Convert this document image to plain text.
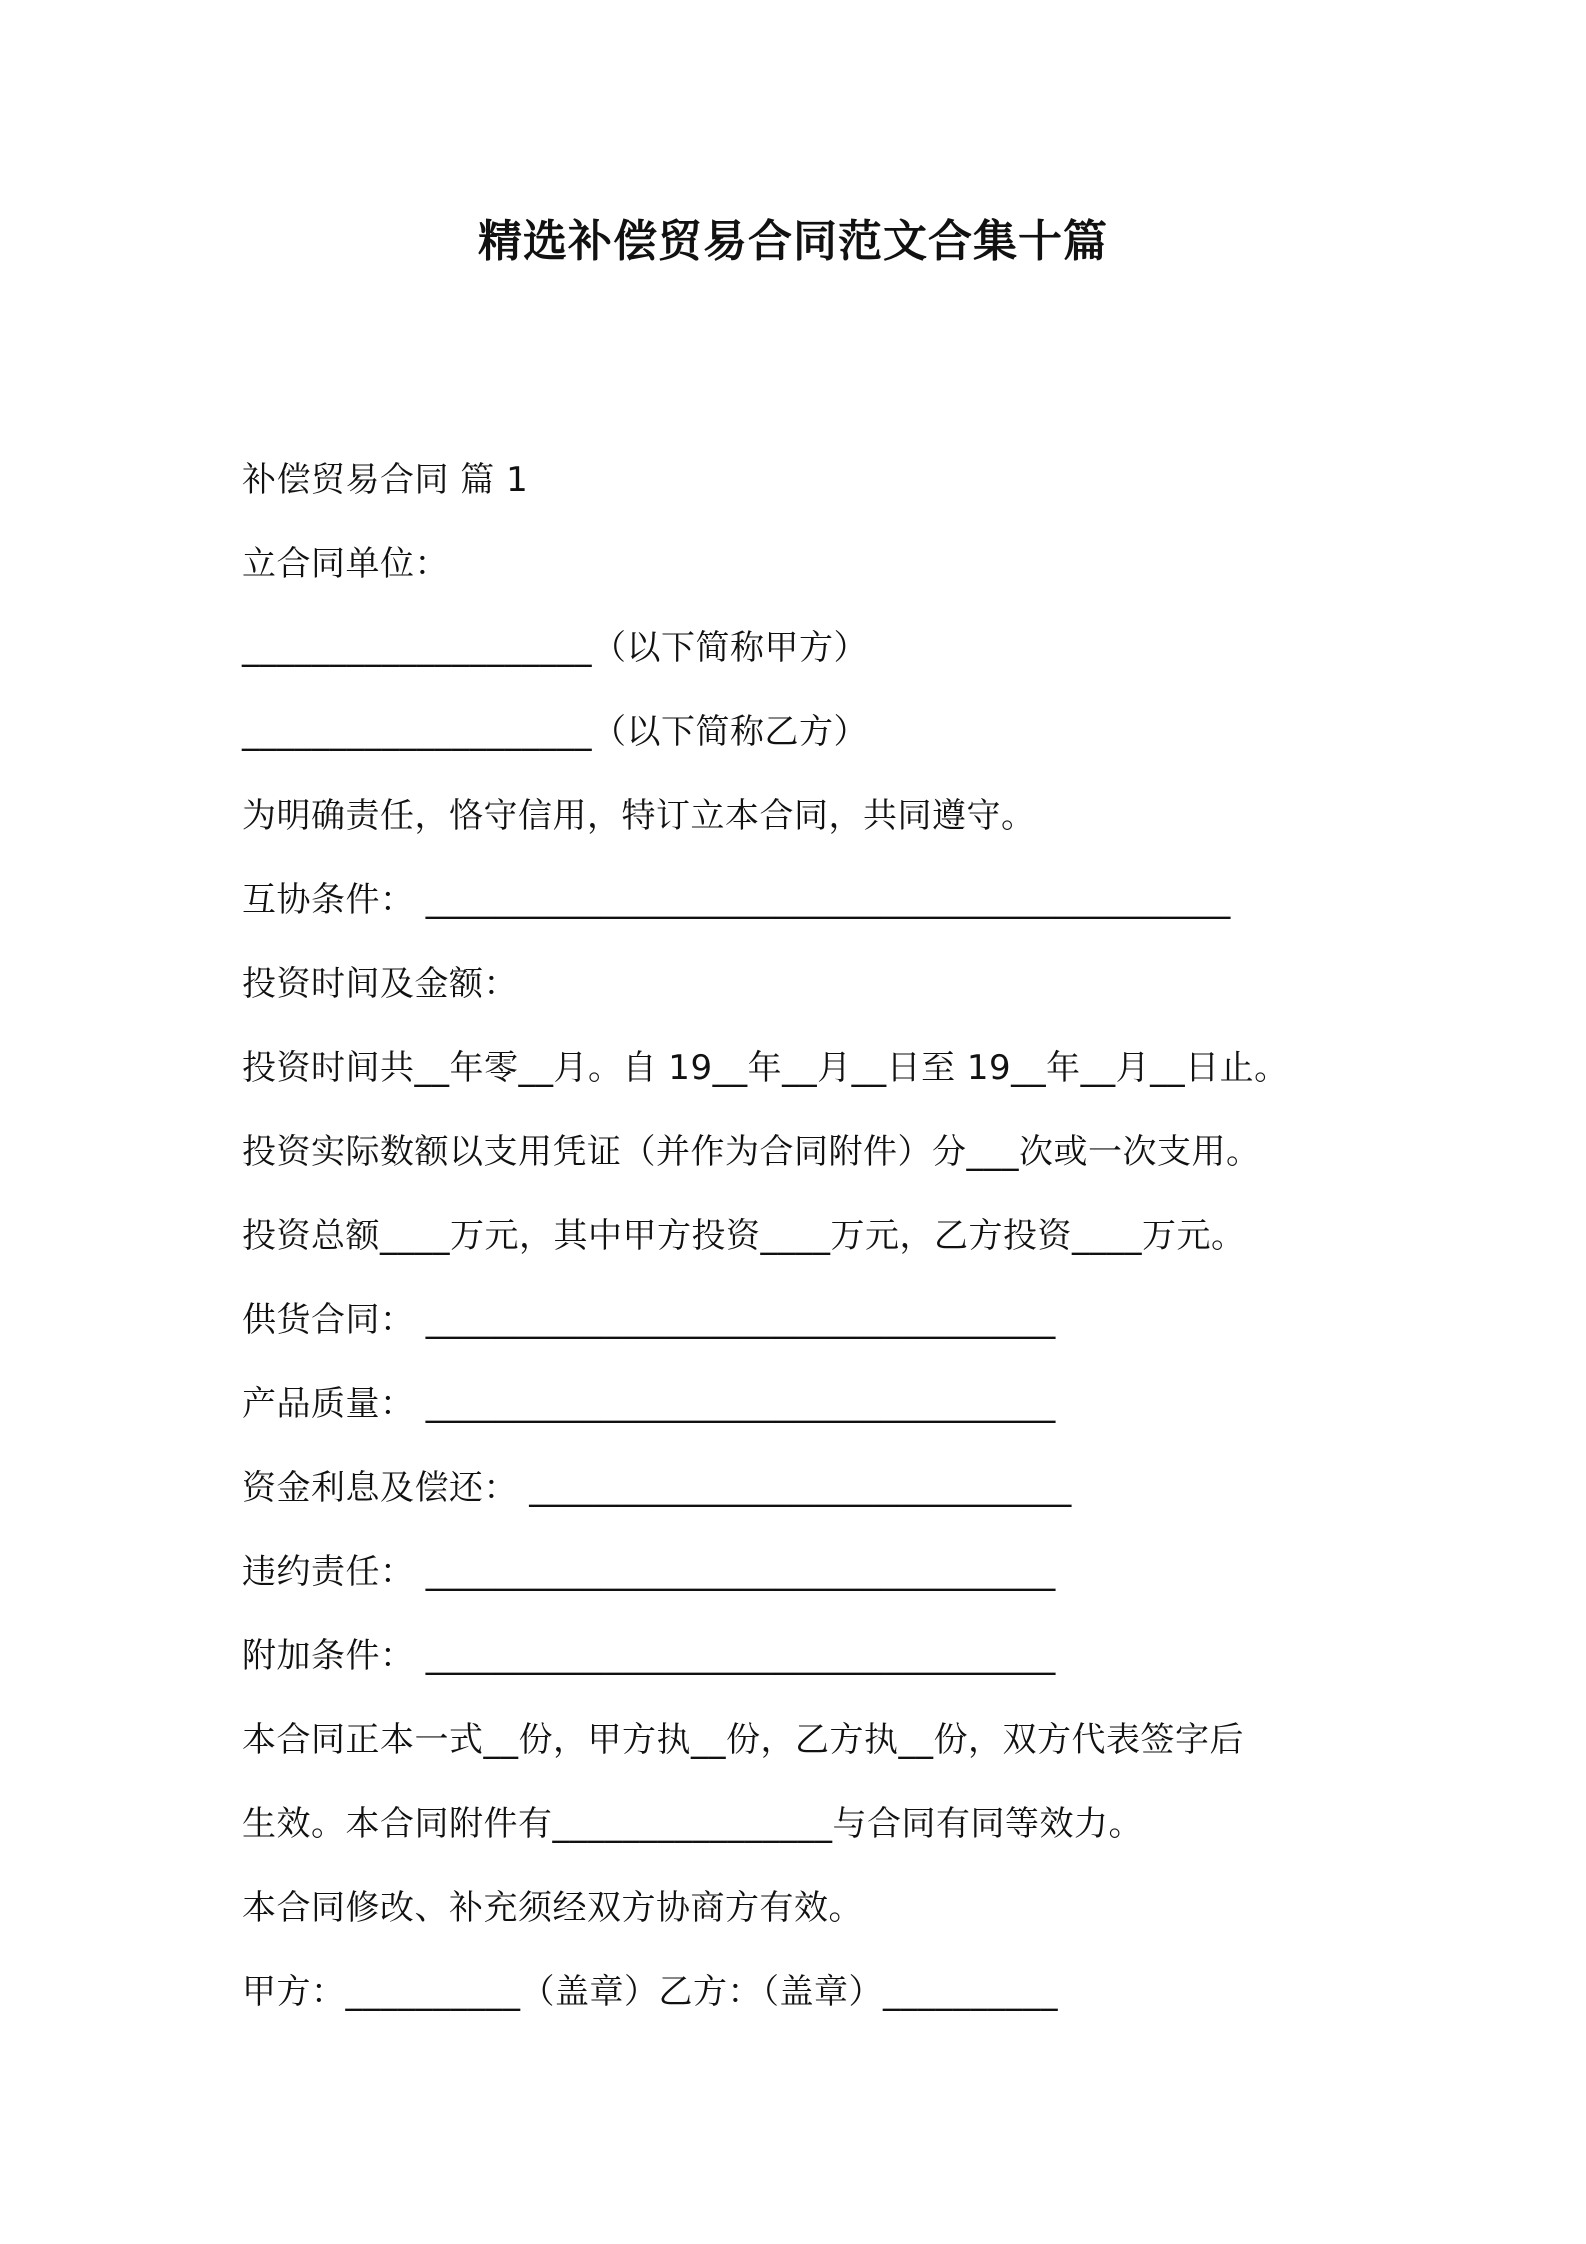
精选补偿贸易合同范文合集十篇
补偿贸易合同 篇 1
立合同单位：
____________________（以下简称甲方）
____________________（以下简称乙方）
为明确责任，恪守信用，特订立本合同，共同遵守。
互协条件： ______________________________________________
投资时间及金额：
投资时间共__年零__月。自 19__年__月__日至 19__年__月__日止。
投资实际数额以支用凭证（并作为合同附件）分___次或一次支用。
投资总额____万元，其中甲方投资____万元，乙方投资____万元。
供货合同： ____________________________________
产品质量： ____________________________________
资金利息及偿还： _______________________________
违约责任： ____________________________________
附加条件： ____________________________________
本合同正本一式__份，甲方执__份，乙方执__份，双方代表签字后
生效。本合同附件有________________与合同有同等效力。
本合同修改、补充须经双方协商方有效。
甲方：__________（盖章）乙方：（盖章）__________
